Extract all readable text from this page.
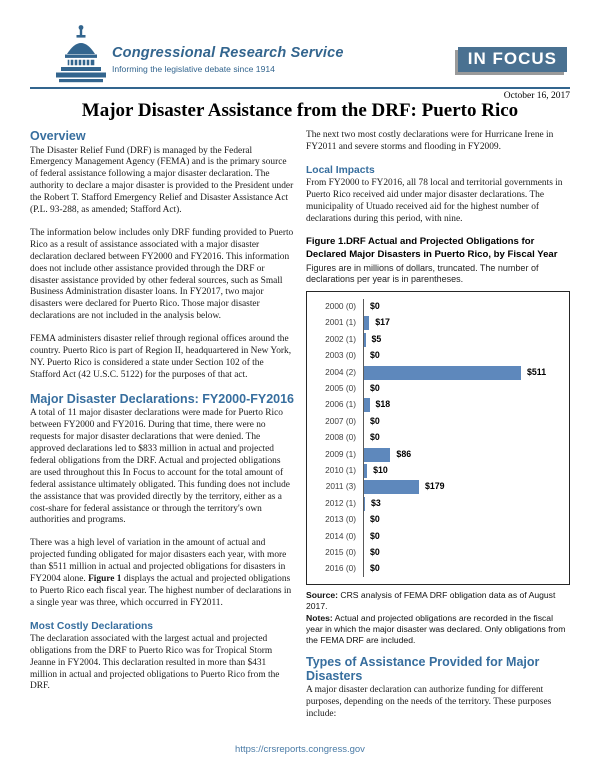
Congressional Research Service
Informing the legislative debate since 1914
IN FOCUS
October 16, 2017
Major Disaster Assistance from the DRF: Puerto Rico
Overview

The Disaster Relief Fund (DRF) is managed by the Federal Emergency Management Agency (FEMA) and is the primary source of federal assistance following a major disaster declaration. The authority to declare a major disaster is provided to the President under the Robert T. Stafford Emergency Relief and Disaster Assistance Act (P.L. 93-288, as amended; Stafford Act).

The information below includes only DRF funding provided to Puerto Rico as a result of assistance associated with a major disaster declaration declared between FY2000 and FY2016. This information does not include other assistance provided through the DRF or disaster assistance provided by other federal sources, such as Small Business Administration disaster loans. In FY2017, two major disasters were declared for Puerto Rico. Those major disaster declarations are not included in the analysis below.

FEMA administers disaster relief through regional offices around the country. Puerto Rico is part of Region II, headquartered in New York, NY. Puerto Rico is considered a state under Section 102 of the Stafford Act (42 U.S.C. 5122) for the purposes of that act.

Major Disaster Declarations: FY2000-FY2016

A total of 11 major disaster declarations were made for Puerto Rico between FY2000 and FY2016. During that time, there were no requests for major disaster declarations that were denied. The approved declarations led to $833 million in actual and projected federal obligations from the DRF. Actual and projected obligations are used throughout this In Focus to account for the total amount of federal assistance ultimately obligated. This funding does not include the assistance that was provided directly by the territory, either as a cost-share for federal assistance or through the territory's own authorities and programs.

There was a high level of variation in the amount of actual and projected funding obligated for major disasters each year, with more than $511 million in actual and projected obligations for disasters in FY2004 alone. Figure 1 displays the actual and projected obligations to Puerto Rico each fiscal year. The highest number of declarations in a single year was three, which occurred in FY2011.

Most Costly Declarations

The declaration associated with the largest actual and projected obligations from the DRF to Puerto Rico was for Tropical Storm Jeanne in FY2004. This declaration resulted in more than $431 million in actual and projected obligations to Puerto Rico from the DRF.

The next two most costly declarations were for Hurricane Irene in FY2011 and severe storms and flooding in FY2009.

Local Impacts

From FY2000 to FY2016, all 78 local and territorial governments in Puerto Rico received aid under major disaster declarations. The municipality of Utuado received aid for the highest number of declarations during this period, with nine.

Figure 1.DRF Actual and Projected Obligations for Declared Major Disasters in Puerto Rico, by Fiscal Year
Figures are in millions of dollars, truncated. The number of declarations per year is in parentheses.
2000 (0)	$0
2001 (1)	$17
2002 (1)	$5
2003 (0)	$0
2004 (2)	$511
2005 (0)	$0
2006 (1)	$18
2007 (0)	$0
2008 (0)	$0
2009 (1)	$86
2010 (1)	$10
2011 (3)	$179
2012 (1)	$3
2013 (0)	$0
2014 (0)	$0
2015 (0)	$0
2016 (0)	$0
Source: CRS analysis of FEMA DRF obligation data as of August 2017.
Notes: Actual and projected obligations are recorded in the fiscal year in which the major disaster was declared. Only obligations from the FEMA DRF are included.
Types of Assistance Provided for Major Disasters

A major disaster declaration can authorize funding for different purposes, depending on the needs of the territory. These purposes include:

https://crsreports.congress.gov
